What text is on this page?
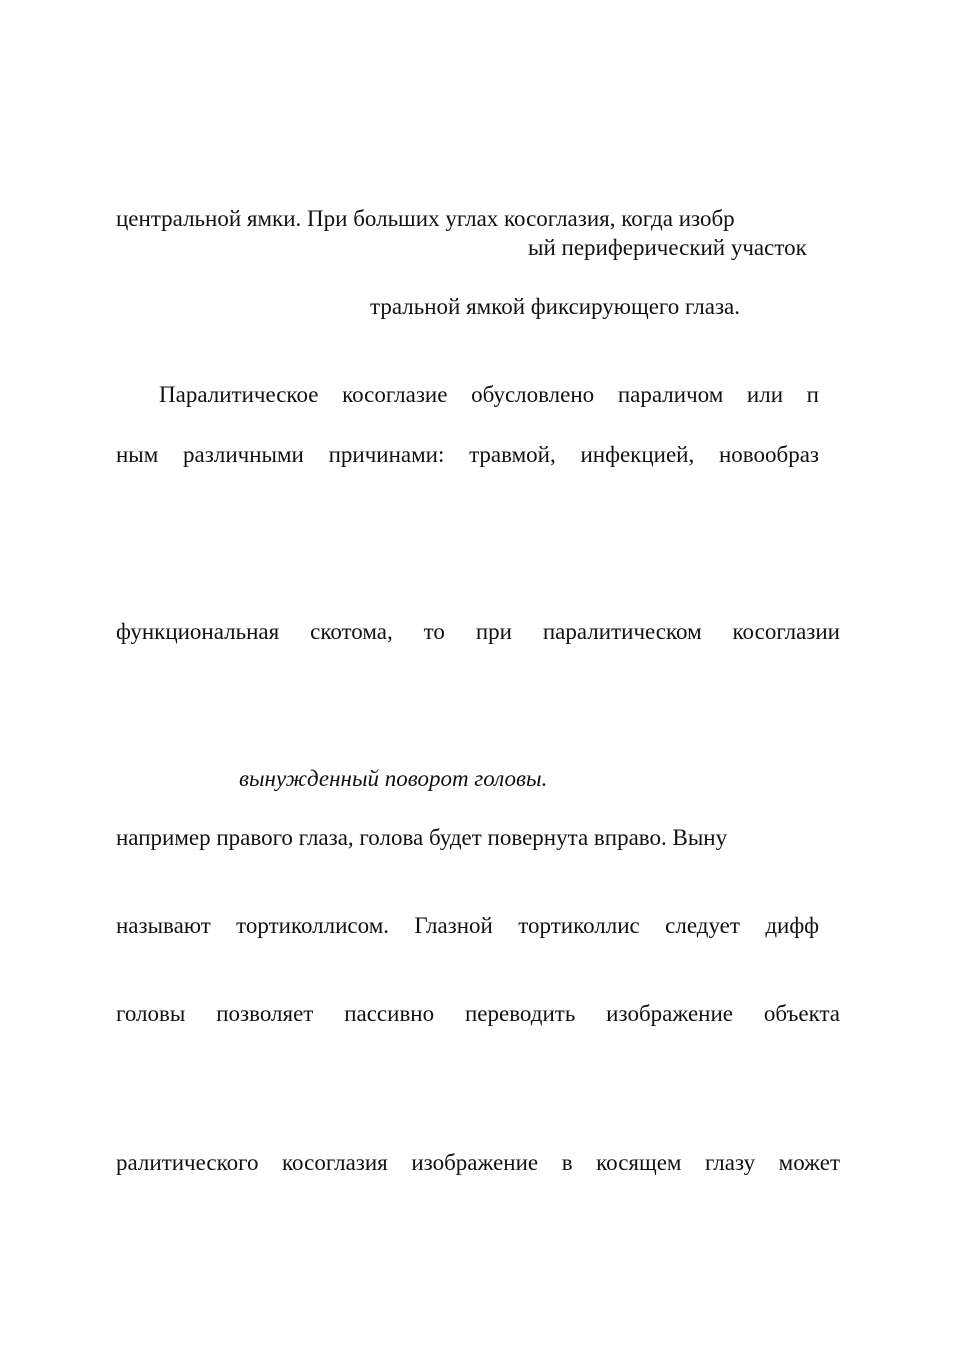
центральной ямки. При больших углах косоглазия, когда изобр
ый периферический участок
тральной ямкой фиксирующего глаза.
Паралитическое косоглазие обусловлено параличом или п
ным различными причинами: травмой, инфекцией, новообраз
функциональная скотома, то при паралитическом косоглазии
вынужденный поворот головы.
например правого глаза, голова будет повернута вправо. Выну
называют тортиколлисом. Глазной тортиколлис следует дифф
головы позволяет пассивно переводить изображение объекта
ралитического косоглазия изображение в косящем глазу может
